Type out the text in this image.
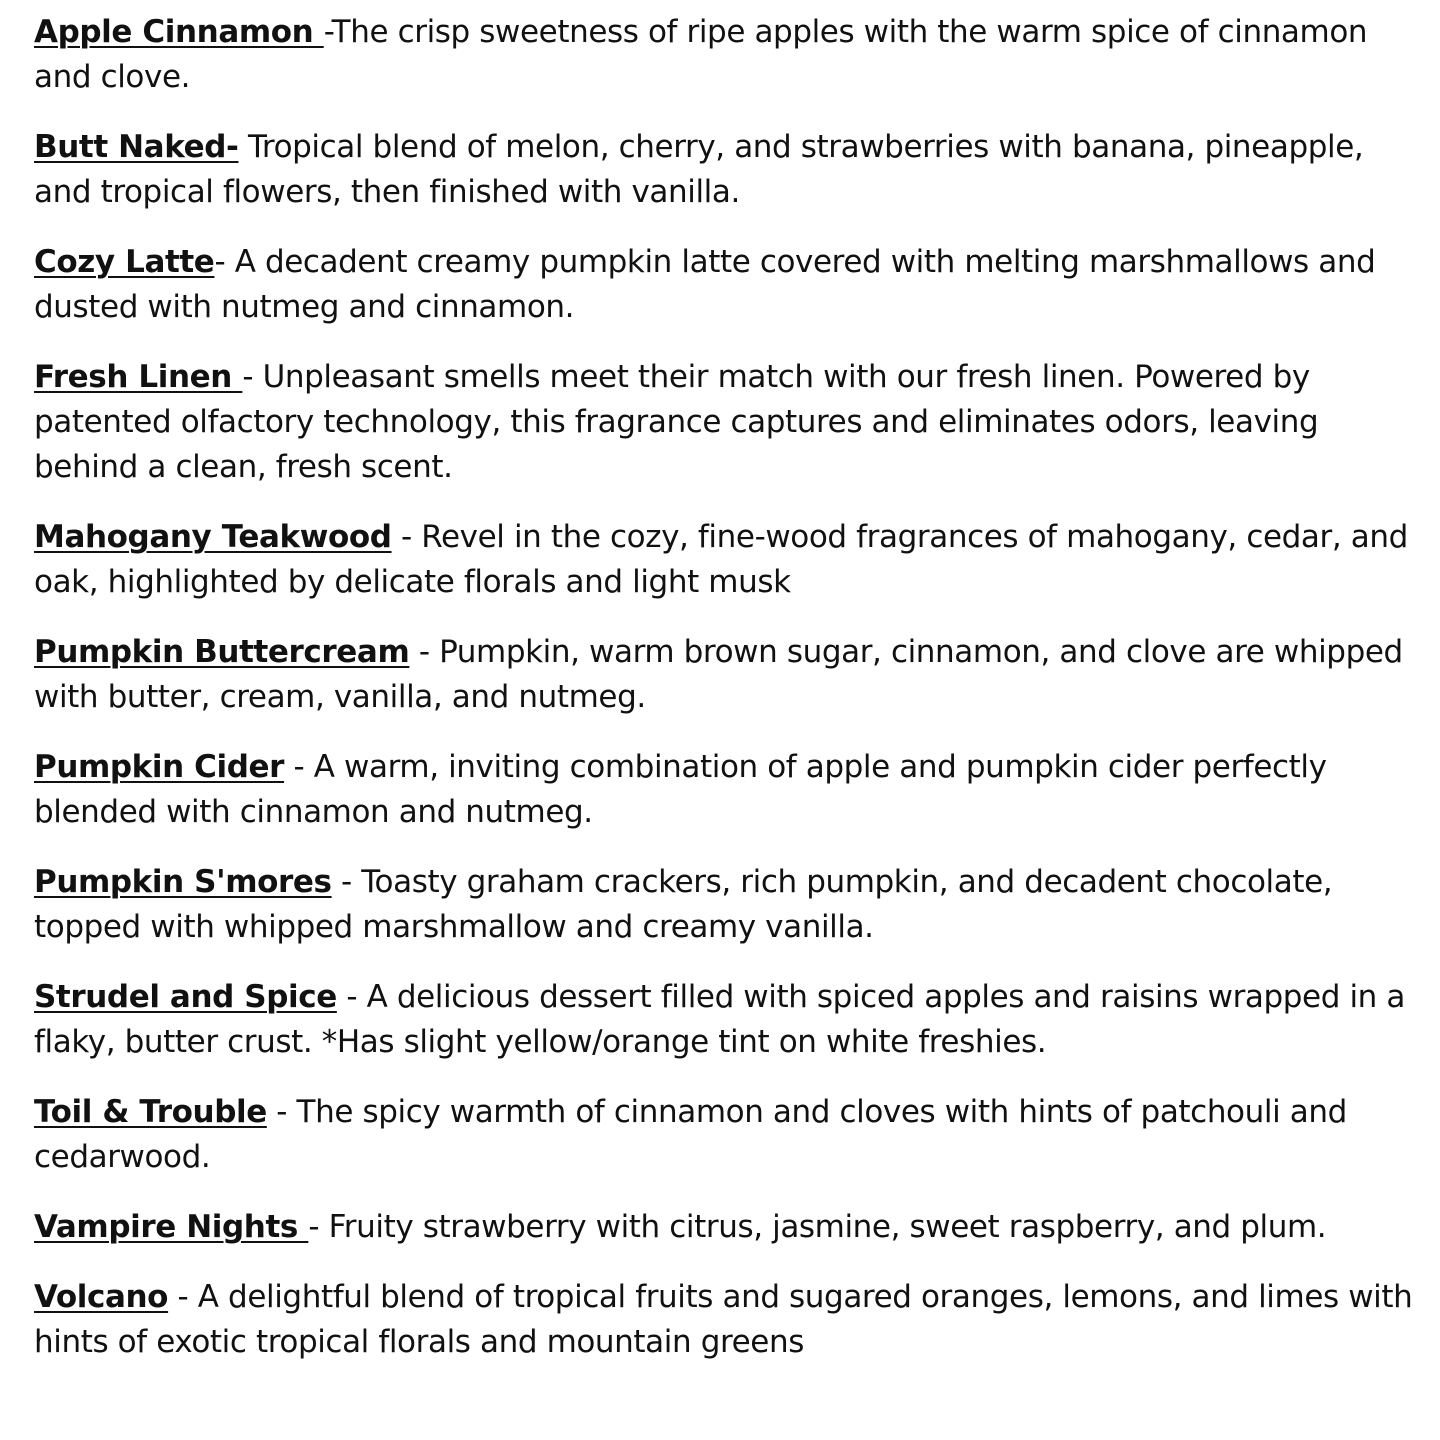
Apple Cinnamon -The crisp sweetness of ripe apples with the warm spice of cinnamon and clove.
Butt Naked- Tropical blend of melon, cherry, and strawberries with banana, pineapple, and tropical flowers, then finished with vanilla.
Cozy Latte- A decadent creamy pumpkin latte covered with melting marshmallows and dusted with nutmeg and cinnamon.
Fresh Linen - Unpleasant smells meet their match with our fresh linen. Powered by patented olfactory technology, this fragrance captures and eliminates odors, leaving behind a clean, fresh scent.
Mahogany Teakwood - Revel in the cozy, fine-wood fragrances of mahogany, cedar, and oak, highlighted by delicate florals and light musk
Pumpkin Buttercream - Pumpkin, warm brown sugar, cinnamon, and clove are whipped with butter, cream, vanilla, and nutmeg.
Pumpkin Cider - A warm, inviting combination of apple and pumpkin cider perfectly blended with cinnamon and nutmeg.
Pumpkin S'mores - Toasty graham crackers, rich pumpkin, and decadent chocolate, topped with whipped marshmallow and creamy vanilla.
Strudel and Spice - A delicious dessert filled with spiced apples and raisins wrapped in a flaky, butter crust. *Has slight yellow/orange tint on white freshies.
Toil & Trouble - The spicy warmth of cinnamon and cloves with hints of patchouli and cedarwood.
Vampire Nights - Fruity strawberry with citrus, jasmine, sweet raspberry, and plum.
Volcano - A delightful blend of tropical fruits and sugared oranges, lemons, and limes with hints of exotic tropical florals and mountain greens
